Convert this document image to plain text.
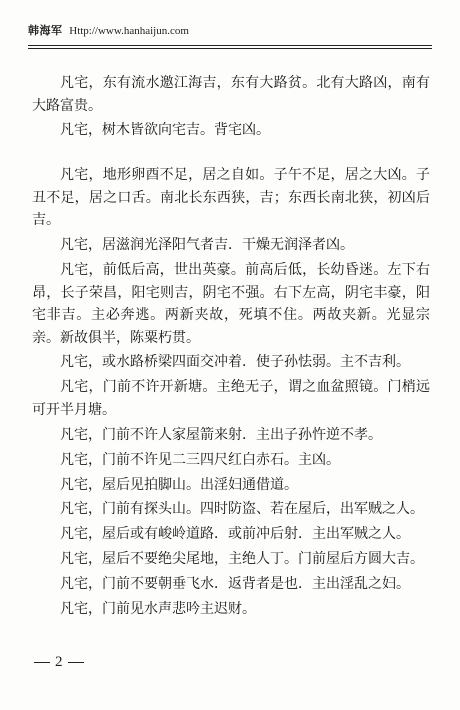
韩海军 Http://www.hanhaijun.com

凡宅，东有流水邀江海吉，东有大路贫。北有大路凶，南有大路富贵。

凡宅，树木皆欲向宅吉。背宅凶。

凡宅，地形卵酉不足，居之自如。子午不足，居之大凶。子丑不足，居之口舌。南北长东西狭，吉；东西长南北狭，初凶后吉。

凡宅，居滋润光泽阳气者吉．干燥无润泽者凶。

凡宅，前低后高，世出英豪。前高后低，长幼昏迷。左下右昂，长子荣昌，阳宅则吉，阴宅不强。右下左高，阴宅丰豪，阳宅非吉。主必奔逃。两新夹故，死填不住。两故夹新。光显宗亲。新故俱半，陈粟朽贯。

凡宅，或水路桥梁四面交冲着．使子孙怯弱。主不吉利。

凡宅，门前不许开新塘。主绝无子，谓之血盆照镜。门梢远可开半月塘。

凡宅，门前不许人家屋箭来射．主出子孙忤逆不孝。

凡宅，门前不许见二三四尺红白赤石。主凶。

凡宅，屋后见拍脚山。出淫妇通借道。

凡宅，门前有探头山。四时防盗、若在屋后，出军贼之人。

凡宅，屋后或有峻岭道路．或前冲后射．主出军贼之人。

凡宅，屋后不要绝尖尾地，主绝人丁。门前屋后方圆大吉。

凡宅，门前不要朝垂飞水．返背者是也．主出淫乱之妇。

凡宅，门前见水声悲吟主迟财。

2
